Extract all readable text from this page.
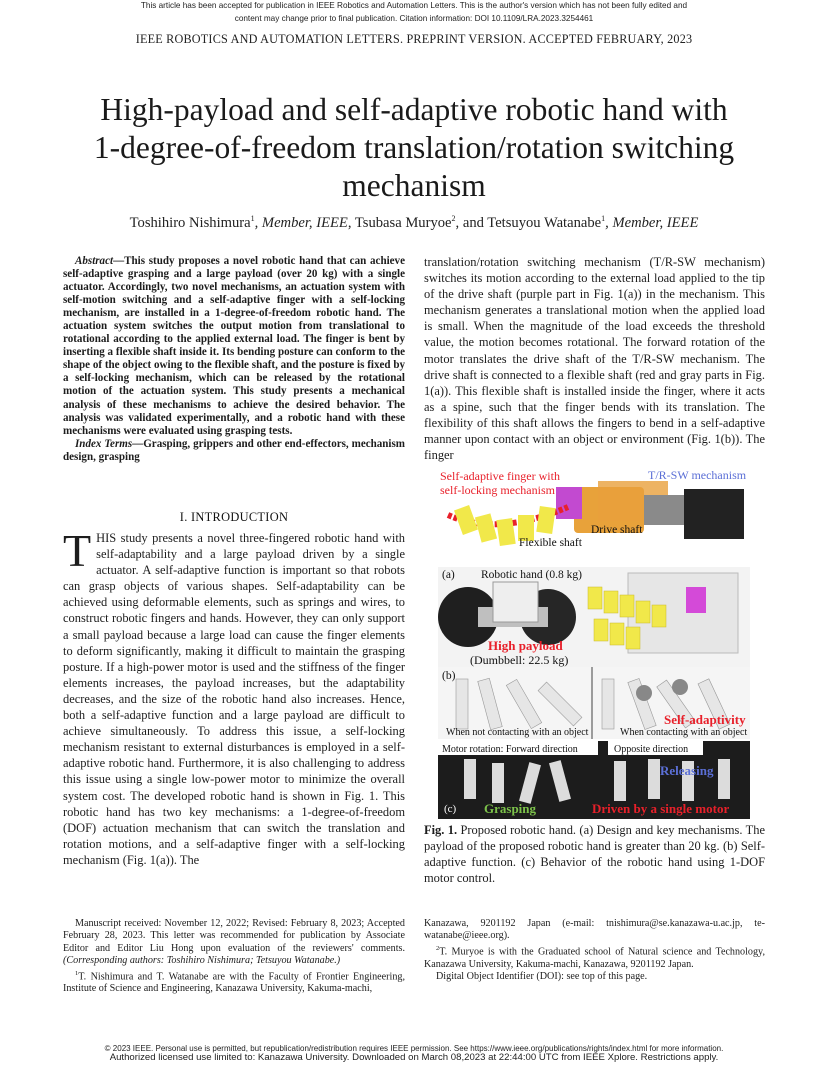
This article has been accepted for publication in IEEE Robotics and Automation Letters. This is the author's version which has not been fully edited and
content may change prior to final publication. Citation information: DOI 10.1109/LRA.2023.3254461
IEEE ROBOTICS AND AUTOMATION LETTERS. PREPRINT VERSION. ACCEPTED FEBRUARY, 2023
High-payload and self-adaptive robotic hand with
1-degree-of-freedom translation/rotation switching
mechanism
Toshihiro Nishimura$^1$, Member, IEEE, Tsubasa Muryoe$^2$, and Tetsuyou Watanabe$^1$, Member, IEEE
Abstract—This study proposes a novel robotic hand that can achieve self-adaptive grasping and a large payload (over 20 kg) with a single actuator. Accordingly, two novel mechanisms, an actuation system with self-motion switching and a self-adaptive finger with a self-locking mechanism, are installed in a 1-degree-of-freedom robotic hand. The actuation system switches the output motion from translational to rotational according to the applied external load. The finger is bent by inserting a flexible shaft inside it. Its bending posture can conform to the shape of the object owing to the flexible shaft, and the posture is fixed by a self-locking mechanism, which can be released by the rotational motion of the actuation system. This study presents a mechanical analysis of these mechanisms to achieve the desired behavior. The analysis was validated experimentally, and a robotic hand with these mechanisms were evaluated using grasping tests.
Index Terms—Grasping, grippers and other end-effectors, mechanism design, grasping
I. INTRODUCTION
THIS study presents a novel three-fingered robotic hand with self-adaptability and a large payload driven by a single actuator. A self-adaptive function is important so that robots can grasp objects of various shapes. Self-adaptability can be achieved using deformable elements, such as springs and wires, to construct robotic fingers and hands. However, they can only support a small payload because a large load can cause the finger elements to deform significantly, making it difficult to maintain the grasping posture. If a high-power motor is used and the stiffness of the finger elements increases, the payload increases, but the adaptability decreases, and the size of the robotic hand also increases. Hence, both a self-adaptive function and a large payload are difficult to achieve simultaneously. To address this issue, a self-locking mechanism resistant to external disturbances is employed in a self-adaptive robotic hand. Furthermore, it is also challenging to address this issue using a single low-power motor to minimize the overall system cost. The developed robotic hand is shown in Fig. 1. This robotic hand has two key mechanisms: a 1-degree-of-freedom (DOF) actuation mechanism that can switch the translation and rotation motions, and a self-adaptive finger with a self-locking mechanism (Fig. 1(a)). The
translation/rotation switching mechanism (T/R-SW mechanism) switches its motion according to the external load applied to the tip of the drive shaft (purple part in Fig. 1(a)) in the mechanism. This mechanism generates a translational motion when the applied load is small. When the magnitude of the load exceeds the threshold value, the motion becomes rotational. The forward rotation of the motor translates the drive shaft of the T/R-SW mechanism. The drive shaft is connected to a flexible shaft (red and gray parts in Fig. 1(a)). This flexible shaft is installed inside the finger, where it acts as a spine, such that the finger bends with its translation. The flexibility of this shaft allows the fingers to bend in a self-adaptive manner upon contact with an object or environment (Fig. 1(b)). The finger
Self-adaptive finger with
self-locking mechanism
T/R-SW mechanism
Drive shaft
Flexible shaft
(a) Robotic hand (0.8 kg)
High payload
(Dumbbell: 22.5 kg)
(b)
When not contacting with an object	When contacting with an object
Self-adaptivity
Motor rotation: Forward direction	Opposite direction
Releasing
(c) Grasping	Driven by a single motor
Fig. 1. Proposed robotic hand. (a) Design and key mechanisms. The payload of the proposed robotic hand is greater than 20 kg. (b) Self-adaptive function. (c) Behavior of the robotic hand using 1-DOF motor control.
Manuscript received: November 12, 2022; Revised: February 8, 2023; Accepted February 28, 2023. This letter was recommended for publication by Associate Editor and Editor Liu Hong upon evaluation of the reviewers' comments. (Corresponding authors: Toshihiro Nishimura; Tetsuyou Watanabe.)
$^1$T. Nishimura and T. Watanabe are with the Faculty of Frontier Engineering, Institute of Science and Engineering, Kanazawa University, Kakuma-machi,
Kanazawa, 9201192 Japan (e-mail: tnishimura@se.kanazawa-u.ac.jp, te-watanabe@ieee.org).
$^2$T. Muryoe is with the Graduated school of Natural science and Technology, Kanazawa University, Kakuma-machi, Kanazawa, 9201192 Japan.
Digital Object Identifier (DOI): see top of this page.
© 2023 IEEE. Personal use is permitted, but republication/redistribution requires IEEE permission. See https://www.ieee.org/publications/rights/index.html for more information.
Authorized licensed use limited to: Kanazawa University. Downloaded on March 08,2023 at 22:44:00 UTC from IEEE Xplore. Restrictions apply.
